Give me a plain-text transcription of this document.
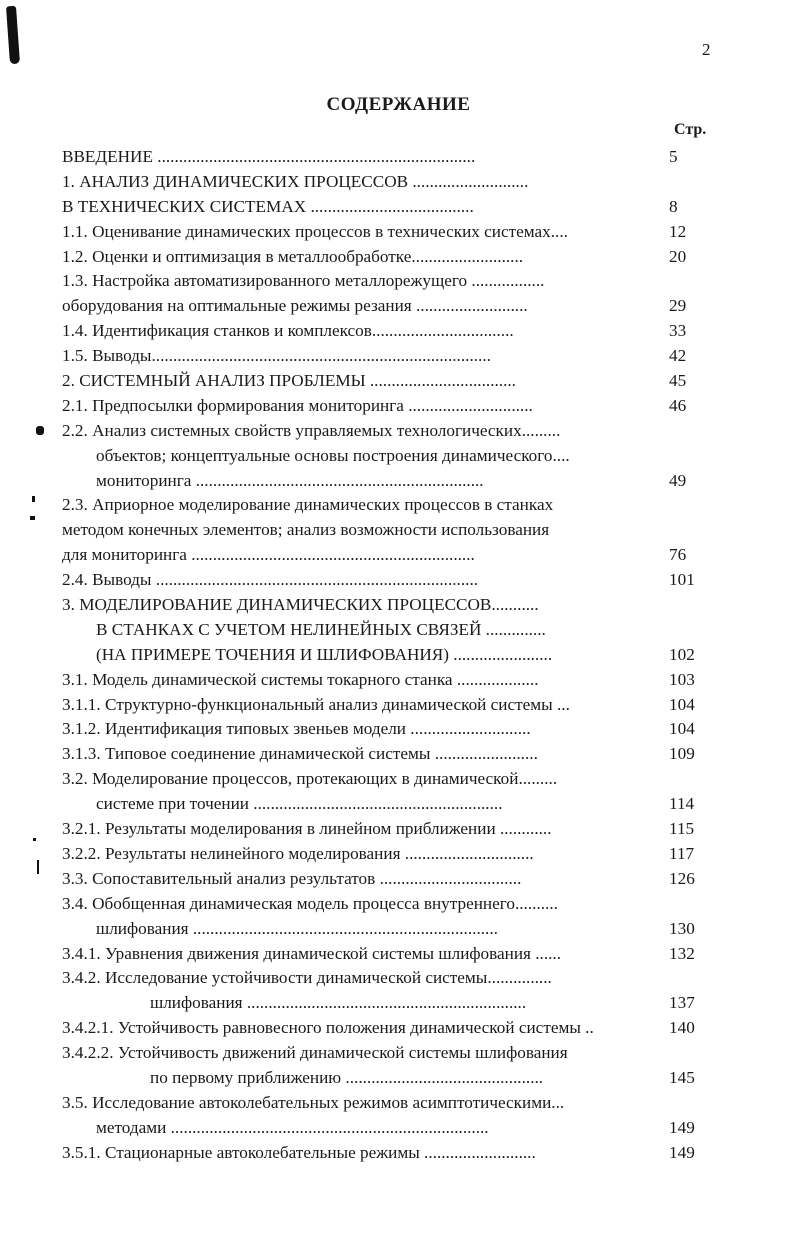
2
СОДЕРЖАНИЕ
Стр.
ВВЕДЕНИЕ ..........................................................................	5
1. АНАЛИЗ ДИНАМИЧЕСКИХ ПРОЦЕССОВ ...........................
В ТЕХНИЧЕСКИХ СИСТЕМАХ ......................................	8
1.1. Оценивание динамических процессов в технических системах....	12
1.2. Оценки и оптимизация в металлообработке..........................	20
1.3. Настройка автоматизированного металлорежущего .................
оборудования на оптимальные режимы резания ..........................	29
1.4. Идентификация станков и комплексов.................................	33
1.5. Выводы...............................................................................	42
2. СИСТЕМНЫЙ АНАЛИЗ ПРОБЛЕМЫ ..................................	45
2.1. Предпосылки формирования мониторинга .............................	46
2.2. Анализ системных свойств управляемых технологических.........
объектов; концептуальные основы построения динамического....
мониторинга ...................................................................	49
2.3. Априорное моделирование динамических процессов в станках
методом конечных элементов; анализ возможности использования
для мониторинга ..................................................................	76
2.4. Выводы ...........................................................................	101
3. МОДЕЛИРОВАНИЕ ДИНАМИЧЕСКИХ ПРОЦЕССОВ...........
В СТАНКАХ С УЧЕТОМ НЕЛИНЕЙНЫХ СВЯЗЕЙ ..............
(НА ПРИМЕРЕ ТОЧЕНИЯ И ШЛИФОВАНИЯ) .......................	102
3.1. Модель динамической системы токарного станка ...................	103
3.1.1. Структурно-функциональный анализ динамической системы ...	104
3.1.2. Идентификация типовых звеньев модели ............................	104
3.1.3. Типовое соединение динамической системы ........................	109
3.2. Моделирование процессов, протекающих в динамической.........
системе при точении ..........................................................	114
3.2.1. Результаты моделирования в линейном приближении ............	115
3.2.2. Результаты нелинейного моделирования ..............................	117
3.3. Сопоставительный анализ результатов .................................	126
3.4. Обобщенная динамическая модель процесса внутреннего..........
шлифования .......................................................................	130
3.4.1. Уравнения движения динамической системы шлифования ......	132
3.4.2. Исследование устойчивости динамической системы...............
шлифования .................................................................	137
3.4.2.1. Устойчивость равновесного положения динамической системы ..	140
3.4.2.2. Устойчивость движений динамической системы шлифования
по первому приближению ..............................................	145
3.5. Исследование автоколебательных режимов асимптотическими...
методами ..........................................................................	149
3.5.1. Стационарные автоколебательные режимы ..........................	149
